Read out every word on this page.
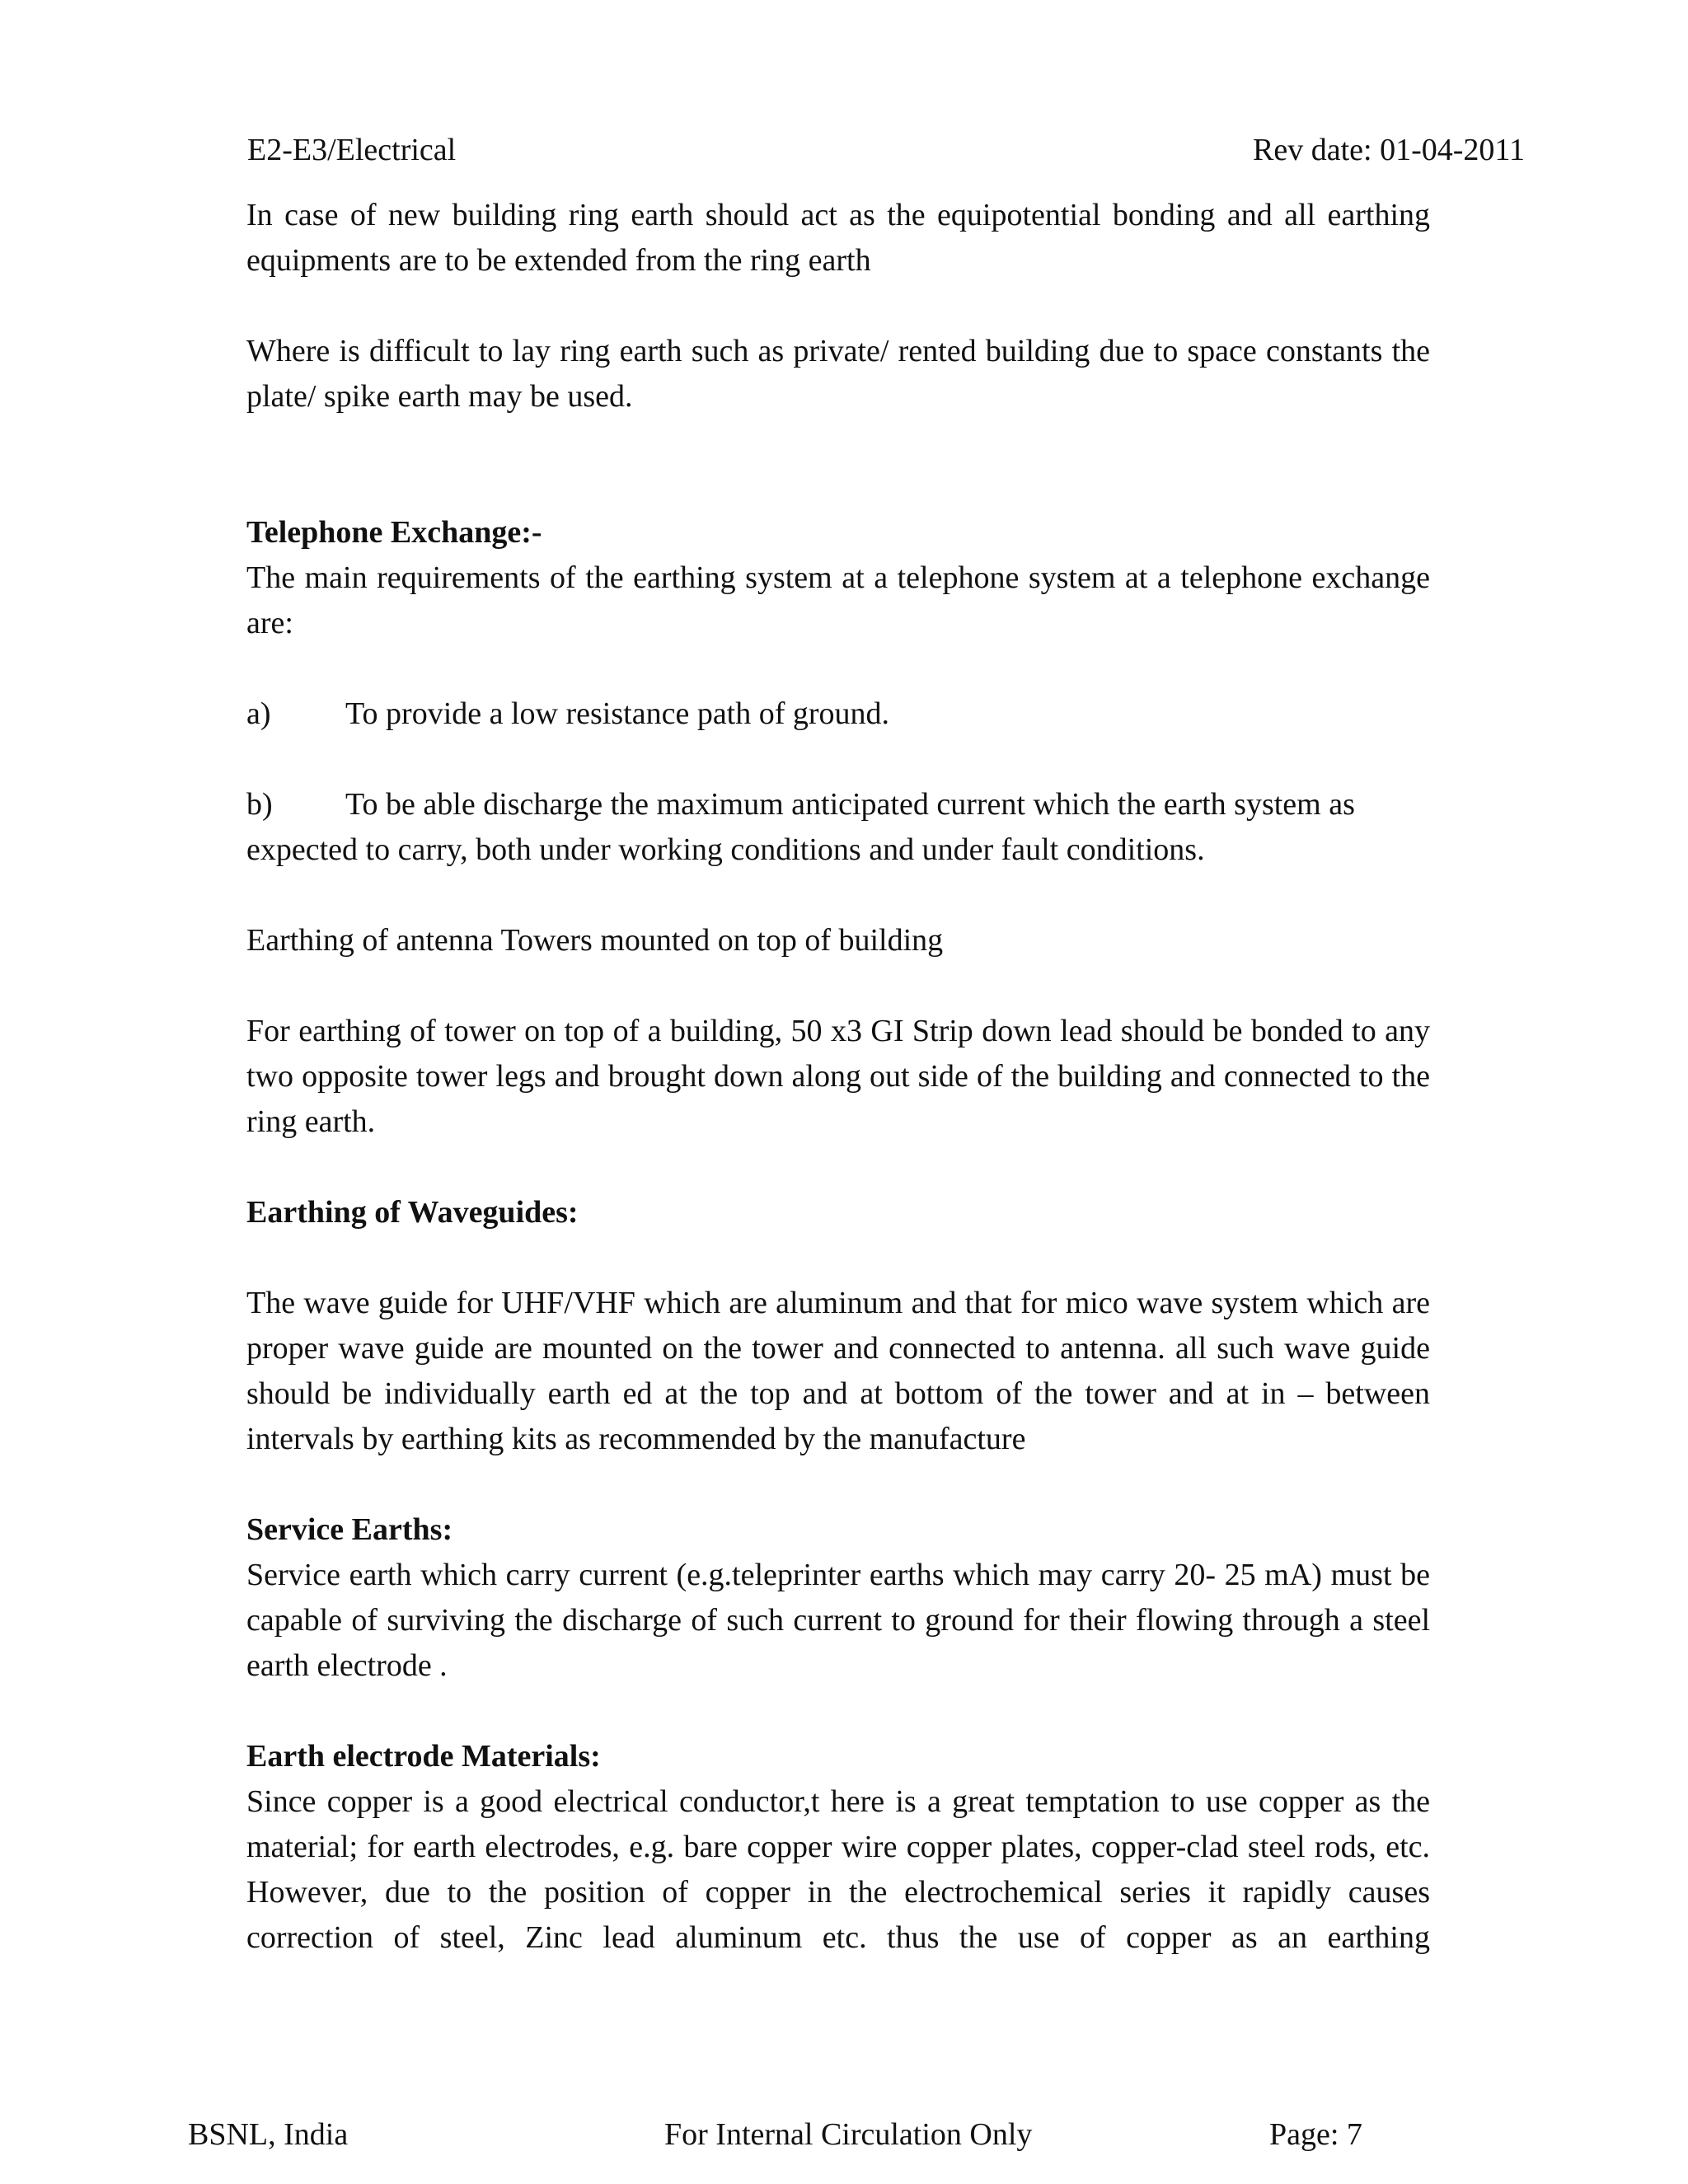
E2-E3/Electrical	Rev date: 01-04-2011

In case of new building ring earth should act as the equipotential bonding and all earthing equipments are to be extended from the ring earth

Where is difficult to lay ring earth such as private/ rented building due to space constants the plate/ spike earth may be used.

Telephone Exchange:-

The main requirements of the earthing system at a telephone system at a telephone exchange are:

a) To provide a low resistance path of ground.

b) To be able discharge the maximum anticipated current which the earth system as expected to carry, both under working conditions and under fault conditions.

Earthing of antenna Towers mounted on top of building

For earthing of tower on top of a building, 50 x3 GI Strip down lead should be bonded to any two opposite tower legs and brought down along out side of the building and connected to the ring earth.

Earthing of Waveguides:

The wave guide for UHF/VHF which are aluminum and that for mico wave system which are proper wave guide are mounted on the tower and connected to antenna. all such wave guide should be individually earth ed at the top and at bottom of the tower and at in – between intervals by earthing kits as recommended by the manufacture

Service Earths:

Service earth which carry current (e.g.teleprinter earths which may carry 20- 25 mA) must be capable of surviving the discharge of such current to ground for their flowing through a steel earth electrode .

Earth electrode Materials:

Since copper is a good electrical conductor,t here is a great temptation to use copper as the material; for earth electrodes, e.g. bare copper wire copper plates, copper-clad steel rods, etc. However, due to the position of copper in the electrochemical series it rapidly causes correction of steel, Zinc lead aluminum etc. thus the use of copper as an earthing

BSNL, India	For Internal Circulation Only	Page: 7
